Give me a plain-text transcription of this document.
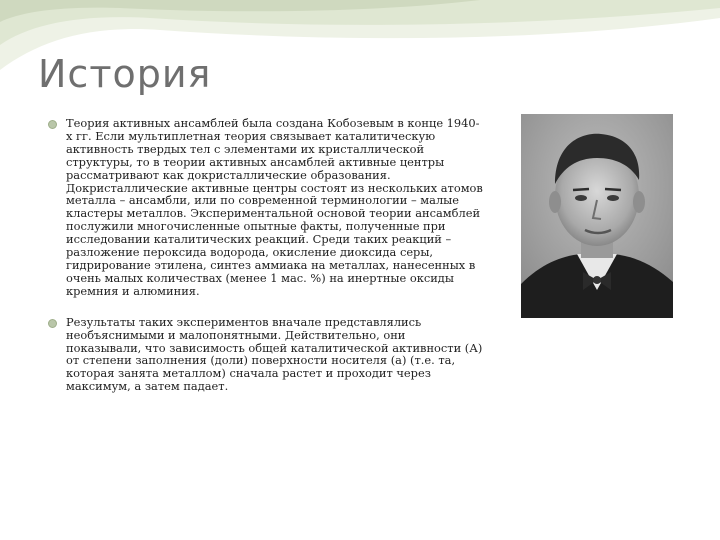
История
Теория активных ансамблей была создана Кобозевым в конце 1940-х гг. Если мультиплетная теория связывает каталитическую активность твердых тел с элементами их кристаллической структуры, то в теории активных ансамблей активные центры рассматривают как докристаллические образования. Докристаллические активные центры состоят из нескольких атомов металла – ансамбли, или по современной терминологии – малые кластеры металлов. Экспериментальной основой теории ансамблей послужили многочисленные опытные факты, полученные при исследовании каталитических реакций. Среди таких реакций – разложение пероксида водорода, окисление диоксида серы, гидрирование этилена, синтез аммиака на металлах, нанесенных в очень малых количествах (менее 1 мас. %) на инертные оксиды кремния и алюминия.
Результаты таких экспериментов вначале представлялись необъяснимыми и малопонятными. Действительно, они показывали, что зависимость общей каталитической активности (А) от степени заполнения (доли) поверхности носителя (a) (т.е. та, которая занята металлом) сначала растет и проходит через максимум, а затем падает.
